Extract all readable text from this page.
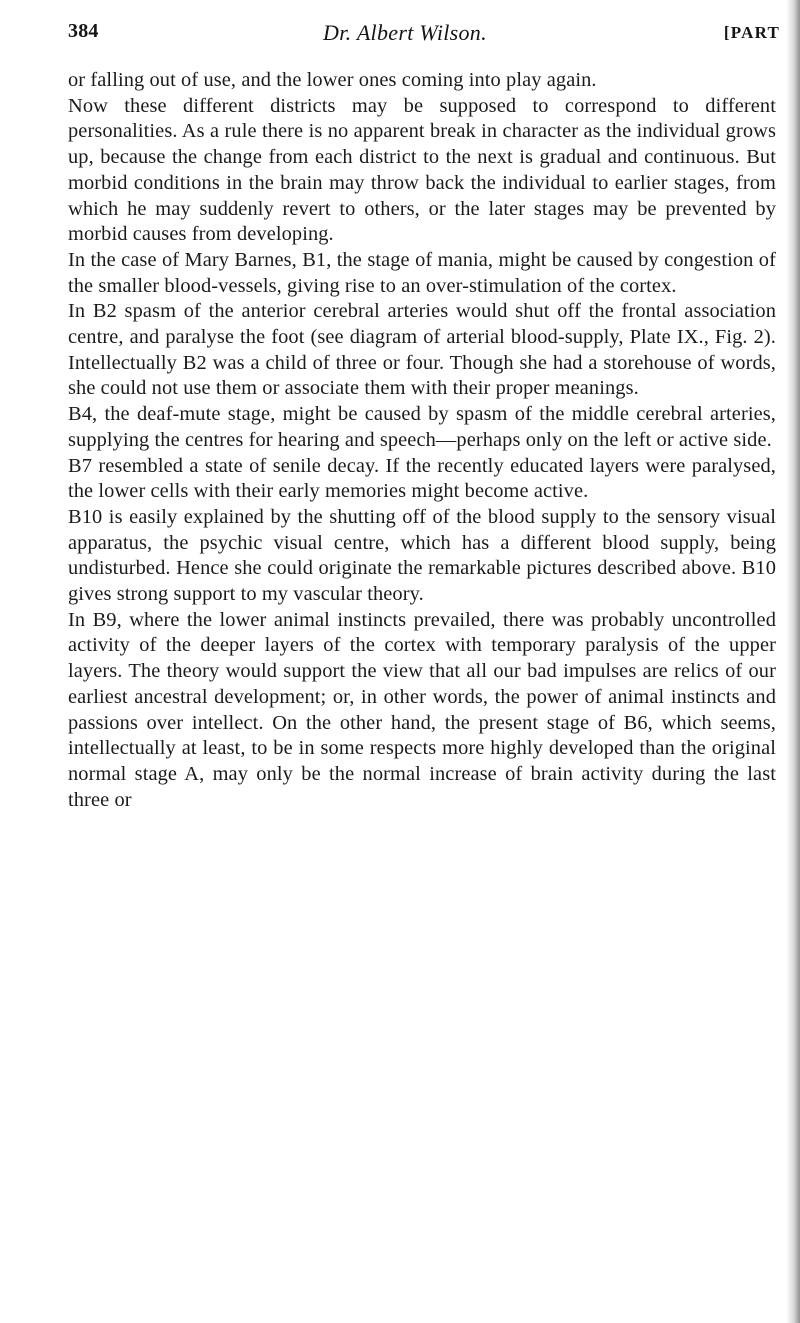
384	Dr. Albert Wilson.	[PART

or falling out of use, and the lower ones coming into play again.

Now these different districts may be supposed to correspond to different personalities. As a rule there is no apparent break in character as the individual grows up, because the change from each district to the next is gradual and continuous. But morbid conditions in the brain may throw back the individual to earlier stages, from which he may suddenly revert to others, or the later stages may be prevented by morbid causes from developing.

In the case of Mary Barnes, B1, the stage of mania, might be caused by congestion of the smaller blood-vessels, giving rise to an over-stimulation of the cortex.

In B2 spasm of the anterior cerebral arteries would shut off the frontal association centre, and paralyse the foot (see diagram of arterial blood-supply, Plate IX., Fig. 2). Intellectually B2 was a child of three or four. Though she had a storehouse of words, she could not use them or associate them with their proper meanings.

B4, the deaf-mute stage, might be caused by spasm of the middle cerebral arteries, supplying the centres for hearing and speech—perhaps only on the left or active side.

B7 resembled a state of senile decay. If the recently educated layers were paralysed, the lower cells with their early memories might become active.

B10 is easily explained by the shutting off of the blood supply to the sensory visual apparatus, the psychic visual centre, which has a different blood supply, being undisturbed. Hence she could originate the remarkable pictures described above. B10 gives strong support to my vascular theory.

In B9, where the lower animal instincts prevailed, there was probably uncontrolled activity of the deeper layers of the cortex with temporary paralysis of the upper layers. The theory would support the view that all our bad impulses are relics of our earliest ancestral development; or, in other words, the power of animal instincts and passions over intellect. On the other hand, the present stage of B6, which seems, intellectually at least, to be in some respects more highly developed than the original normal stage A, may only be the normal increase of brain activity during the last three or
